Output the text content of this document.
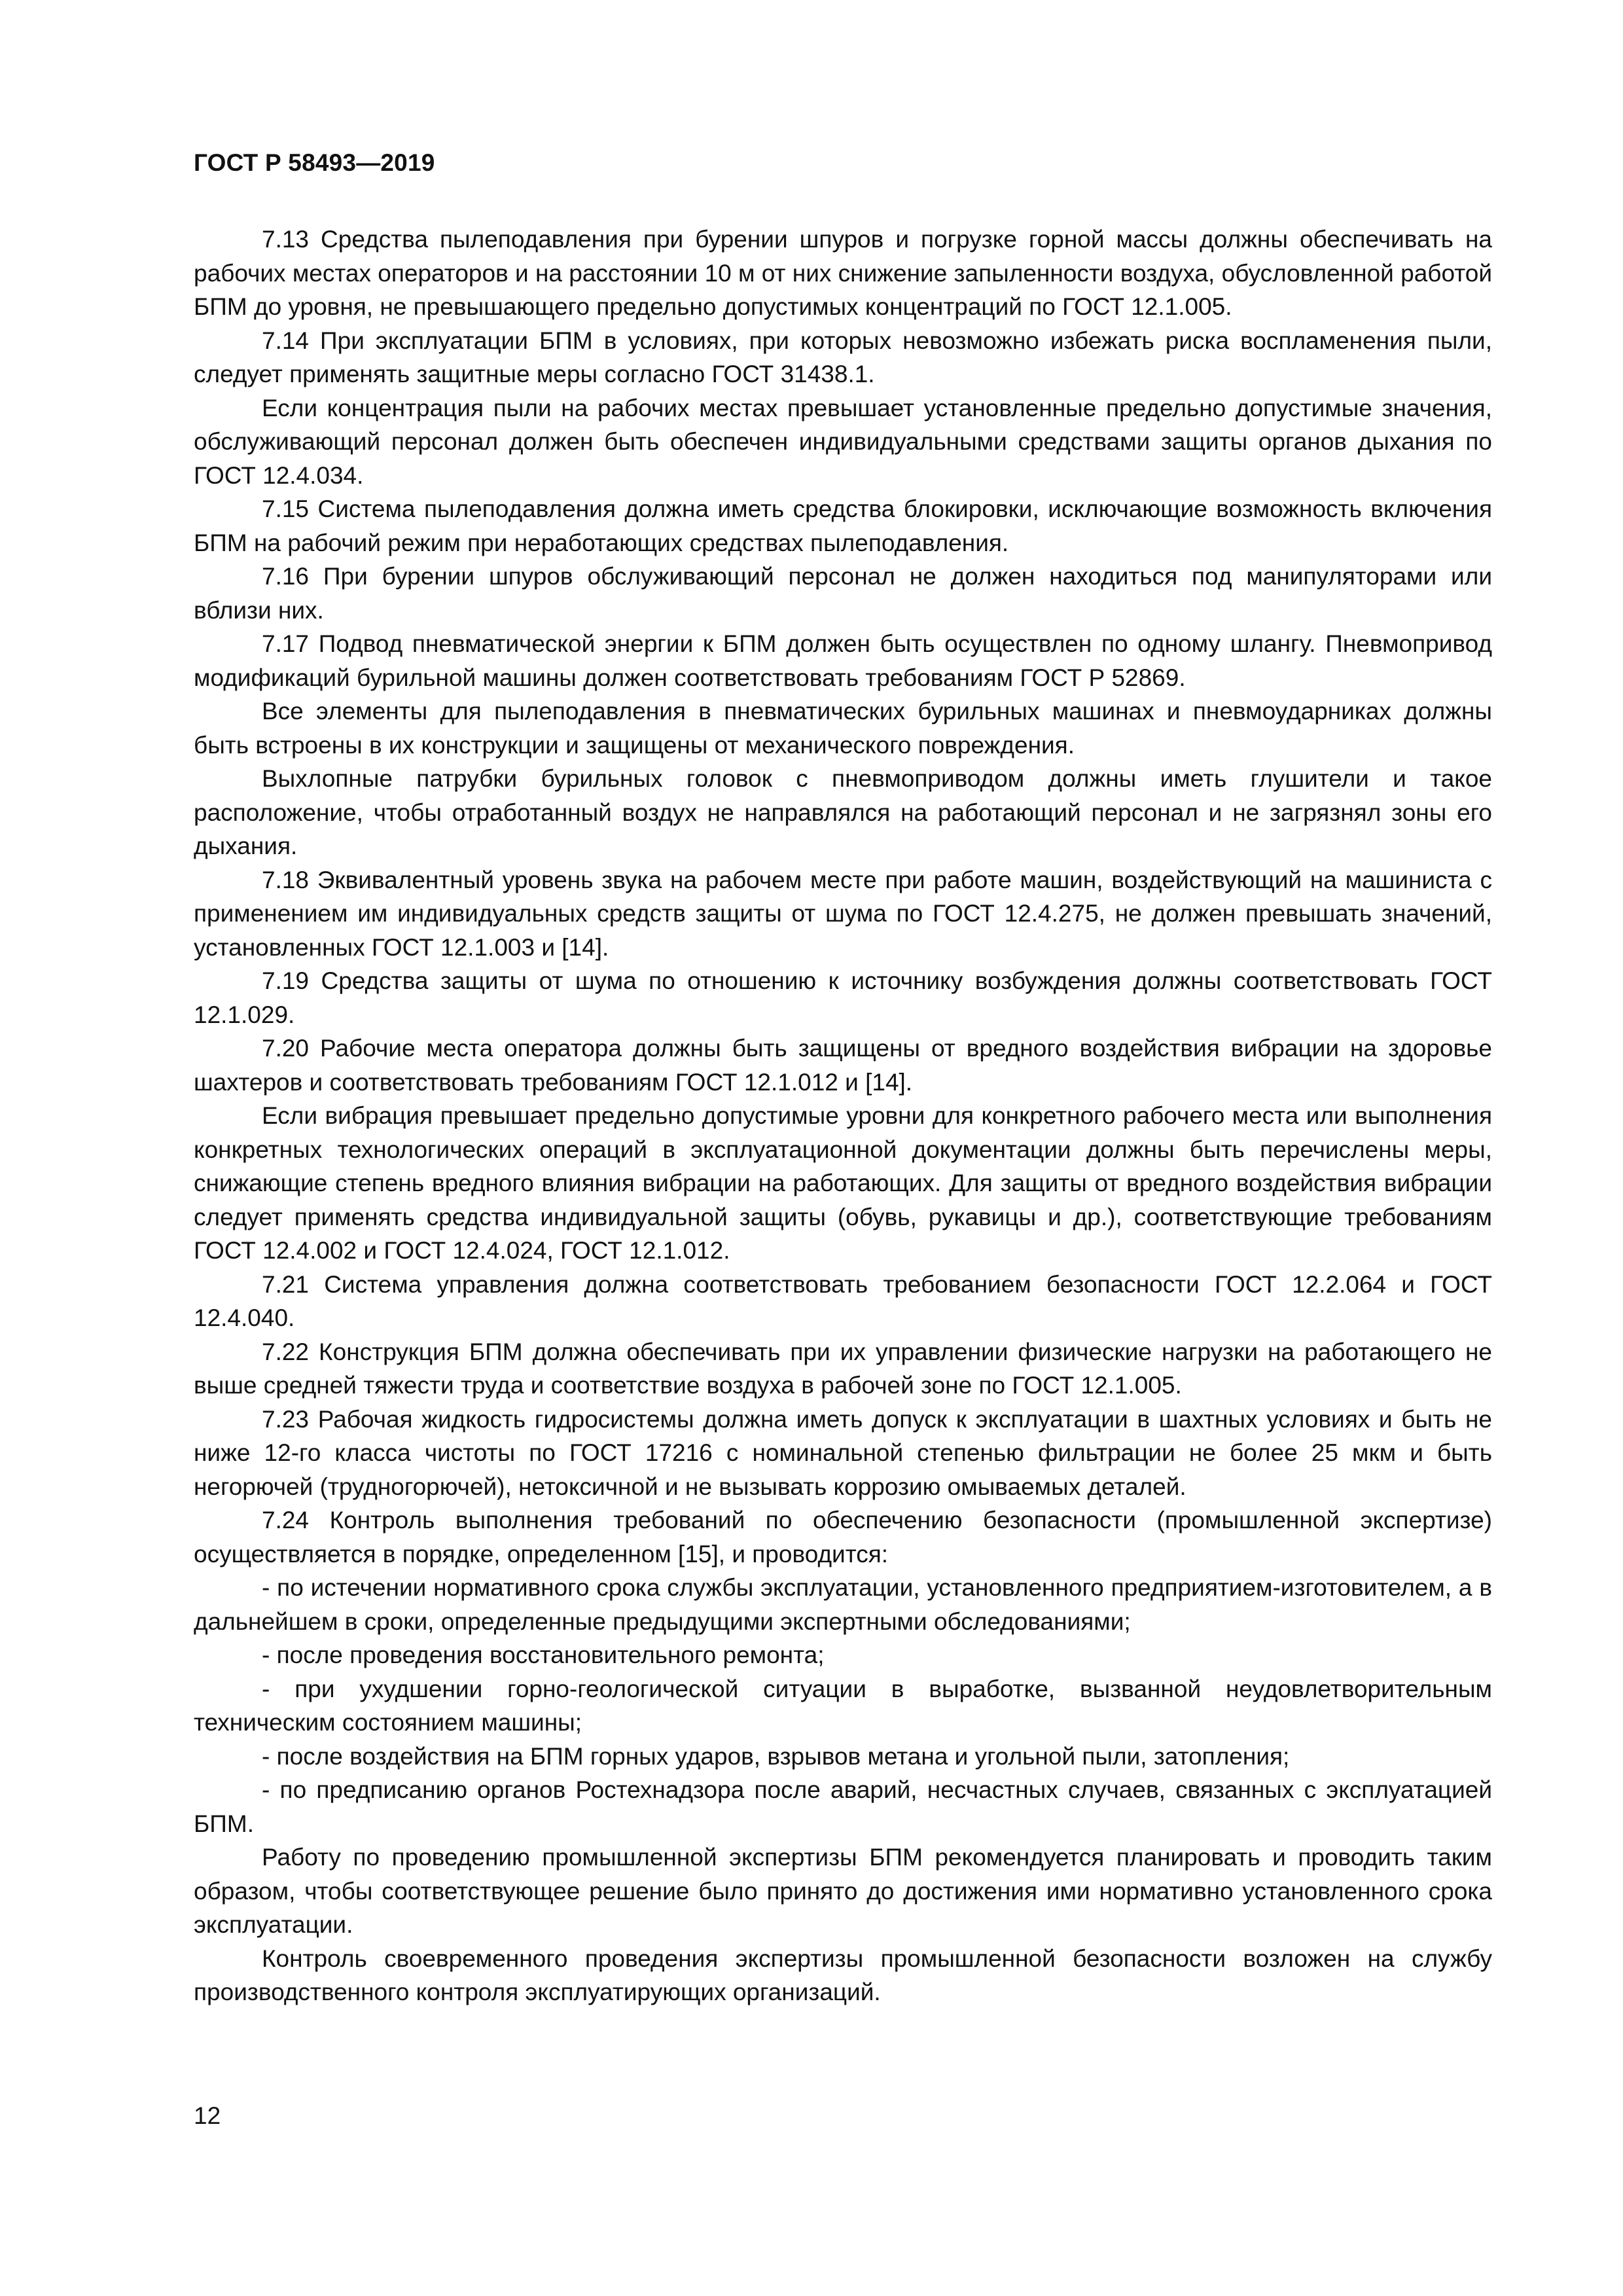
ГОСТ Р 58493—2019

7.13 Средства пылеподавления при бурении шпуров и погрузке горной массы должны обеспечивать на рабочих местах операторов и на расстоянии 10 м от них снижение запыленности воздуха, обусловленной работой БПМ до уровня, не превышающего предельно допустимых концентраций по ГОСТ 12.1.005.

7.14 При эксплуатации БПМ в условиях, при которых невозможно избежать риска воспламенения пыли, следует применять защитные меры согласно ГОСТ 31438.1.

Если концентрация пыли на рабочих местах превышает установленные предельно допустимые значения, обслуживающий персонал должен быть обеспечен индивидуальными средствами защиты органов дыхания по ГОСТ 12.4.034.

7.15 Система пылеподавления должна иметь средства блокировки, исключающие возможность включения БПМ на рабочий режим при неработающих средствах пылеподавления.

7.16 При бурении шпуров обслуживающий персонал не должен находиться под манипуляторами или вблизи них.

7.17 Подвод пневматической энергии к БПМ должен быть осуществлен по одному шлангу. Пневмопривод модификаций бурильной машины должен соответствовать требованиям ГОСТ Р 52869.

Все элементы для пылеподавления в пневматических бурильных машинах и пневмоударниках должны быть встроены в их конструкции и защищены от механического повреждения.

Выхлопные патрубки бурильных головок с пневмоприводом должны иметь глушители и такое расположение, чтобы отработанный воздух не направлялся на работающий персонал и не загрязнял зоны его дыхания.

7.18 Эквивалентный уровень звука на рабочем месте при работе машин, воздействующий на машиниста с применением им индивидуальных средств защиты от шума по ГОСТ 12.4.275, не должен превышать значений, установленных ГОСТ 12.1.003 и [14].

7.19 Средства защиты от шума по отношению к источнику возбуждения должны соответствовать ГОСТ 12.1.029.

7.20 Рабочие места оператора должны быть защищены от вредного воздействия вибрации на здоровье шахтеров и соответствовать требованиям ГОСТ 12.1.012 и [14].

Если вибрация превышает предельно допустимые уровни для конкретного рабочего места или выполнения конкретных технологических операций в эксплуатационной документации должны быть перечислены меры, снижающие степень вредного влияния вибрации на работающих. Для защиты от вредного воздействия вибрации следует применять средства индивидуальной защиты (обувь, рукавицы и др.), соответствующие требованиям ГОСТ 12.4.002 и ГОСТ 12.4.024, ГОСТ 12.1.012.

7.21 Система управления должна соответствовать требованием безопасности ГОСТ 12.2.064 и ГОСТ 12.4.040.

7.22 Конструкция БПМ должна обеспечивать при их управлении физические нагрузки на работающего не выше средней тяжести труда и соответствие воздуха в рабочей зоне по ГОСТ 12.1.005.

7.23 Рабочая жидкость гидросистемы должна иметь допуск к эксплуатации в шахтных условиях и быть не ниже 12-го класса чистоты по ГОСТ 17216 с номинальной степенью фильтрации не более 25 мкм и быть негорючей (трудногорючей), нетоксичной и не вызывать коррозию омываемых деталей.

7.24 Контроль выполнения требований по обеспечению безопасности (промышленной экспертизе) осуществляется в порядке, определенном [15], и проводится:

- по истечении нормативного срока службы эксплуатации, установленного предприятием-изготовителем, а в дальнейшем в сроки, определенные предыдущими экспертными обследованиями;

- после проведения восстановительного ремонта;

- при ухудшении горно-геологической ситуации в выработке, вызванной неудовлетворительным техническим состоянием машины;

- после воздействия на БПМ горных ударов, взрывов метана и угольной пыли, затопления;

- по предписанию органов Ростехнадзора после аварий, несчастных случаев, связанных с эксплуатацией БПМ.

Работу по проведению промышленной экспертизы БПМ рекомендуется планировать и проводить таким образом, чтобы соответствующее решение было принято до достижения ими нормативно установленного срока эксплуатации.

Контроль своевременного проведения экспертизы промышленной безопасности возложен на службу производственного контроля эксплуатирующих организаций.

12
